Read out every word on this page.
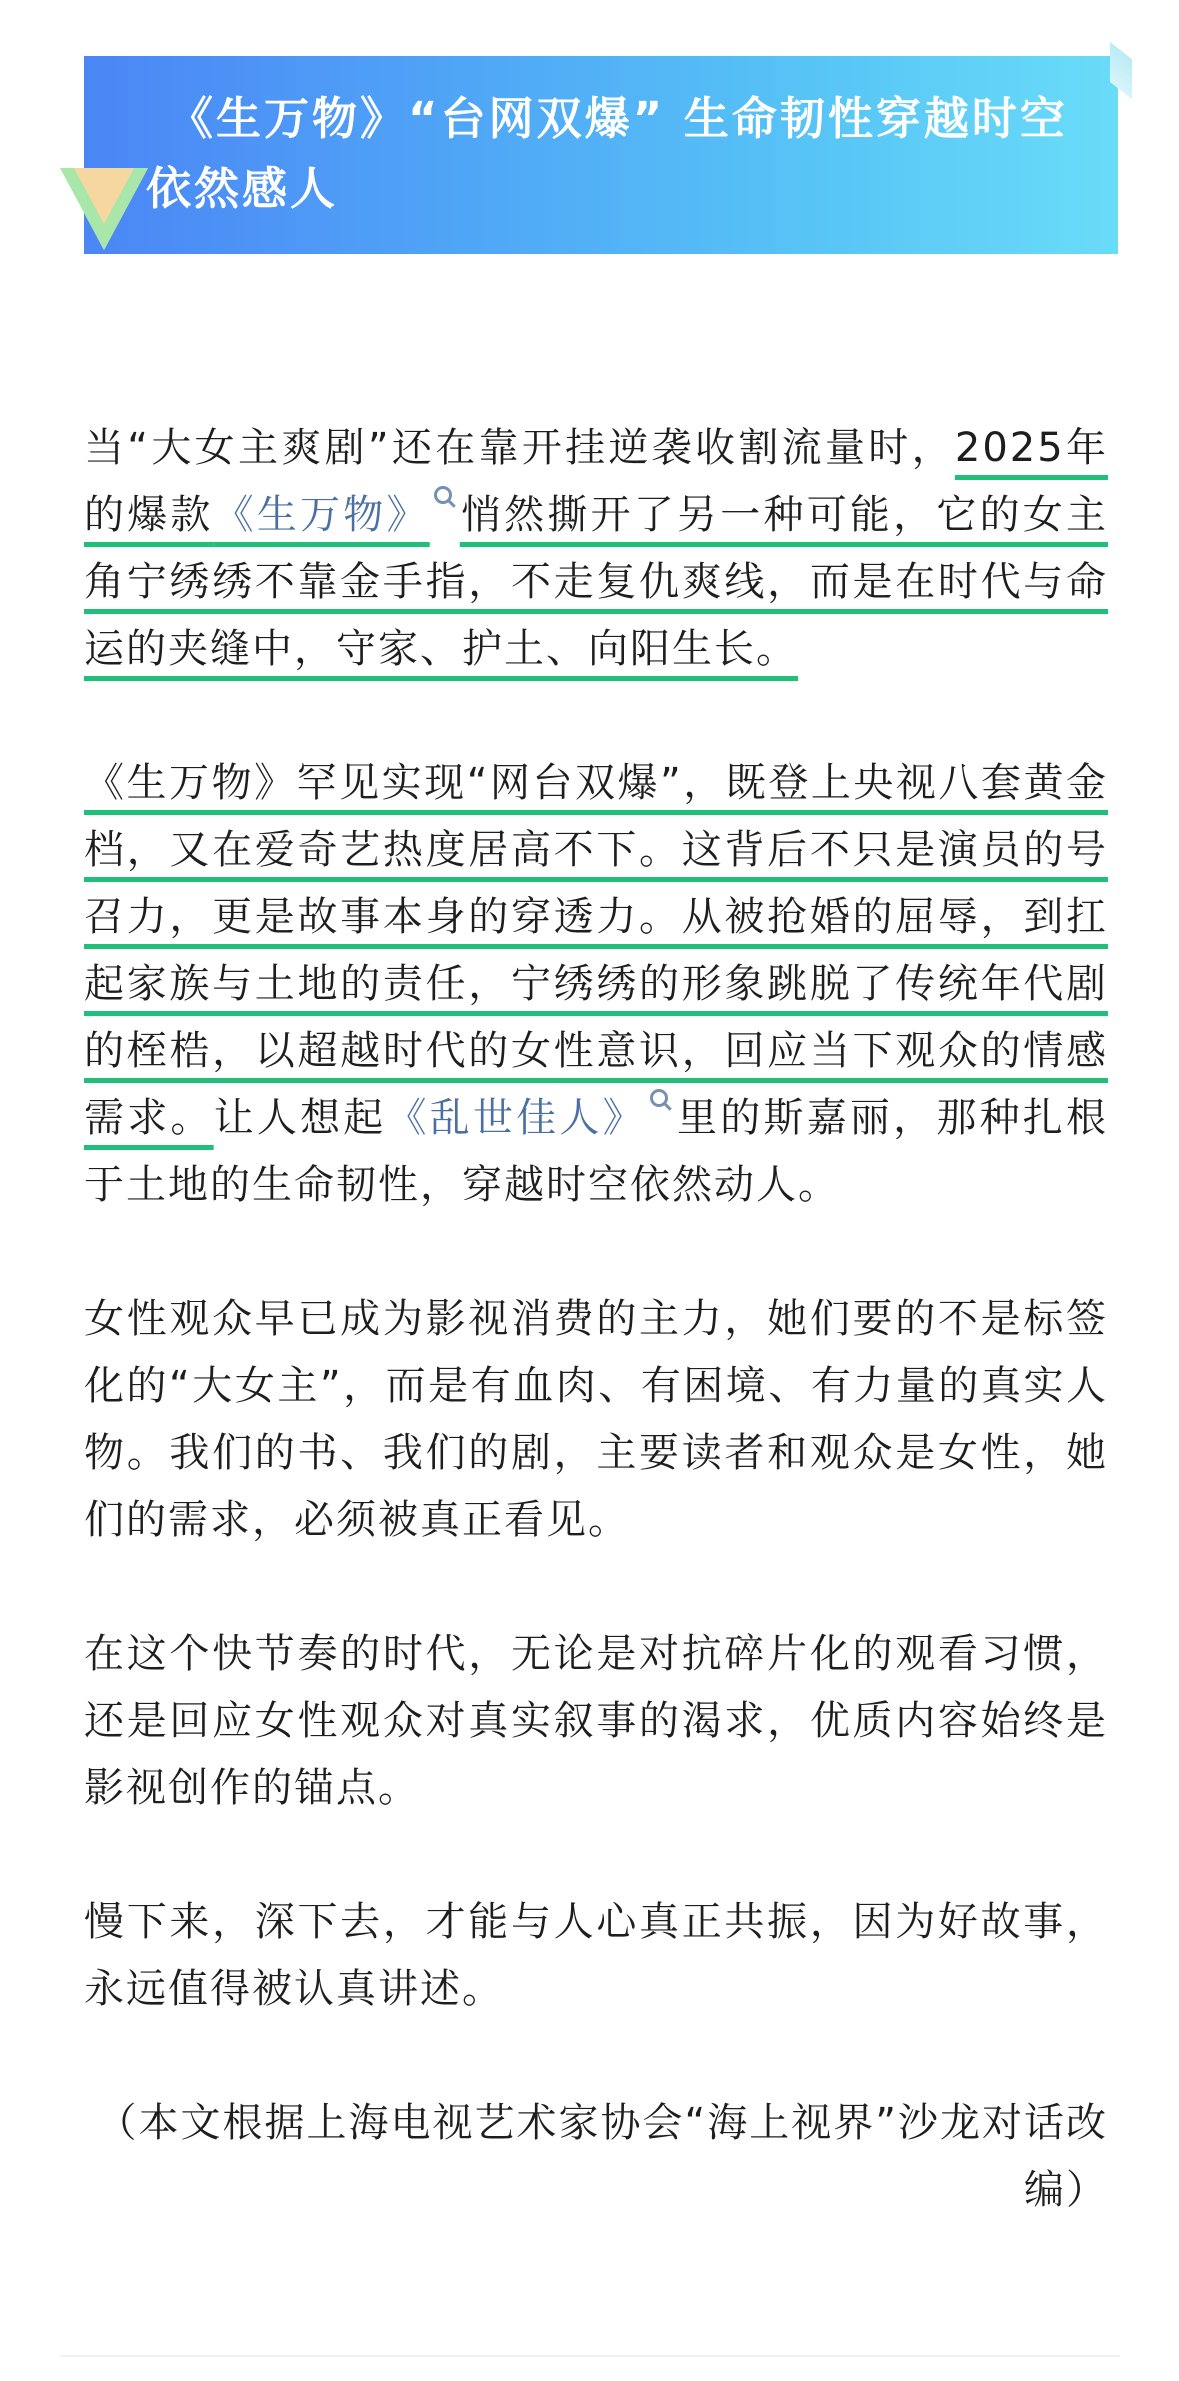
《生万物》“台网双爆” 生命韧性穿越时空依然感人

当“大女主爽剧”还在靠开挂逆袭收割流量时，2025年的爆款《生万物》 悄然撕开了另一种可能，它的女主角宁绣绣不靠金手指，不走复仇爽线，而是在时代与命运的夹缝中，守家、护土、向阳生长。

《生万物》罕见实现“网台双爆”，既登上央视八套黄金档，又在爱奇艺热度居高不下。这背后不只是演员的号召力，更是故事本身的穿透力。从被抢婚的屈辱，到扛起家族与土地的责任，宁绣绣的形象跳脱了传统年代剧的桎梏，以超越时代的女性意识，回应当下观众的情感需求。让人想起《乱世佳人》 里的斯嘉丽，那种扎根于土地的生命韧性，穿越时空依然动人。

女性观众早已成为影视消费的主力，她们要的不是标签化的“大女主”，而是有血肉、有困境、有力量的真实人物。我们的书、我们的剧，主要读者和观众是女性，她们的需求，必须被真正看见。

在这个快节奏的时代，无论是对抗碎片化的观看习惯，还是回应女性观众对真实叙事的渴求，优质内容始终是影视创作的锚点。

慢下来，深下去，才能与人心真正共振，因为好故事，永远值得被认真讲述。

（本文根据上海电视艺术家协会“海上视界”沙龙对话改编）
